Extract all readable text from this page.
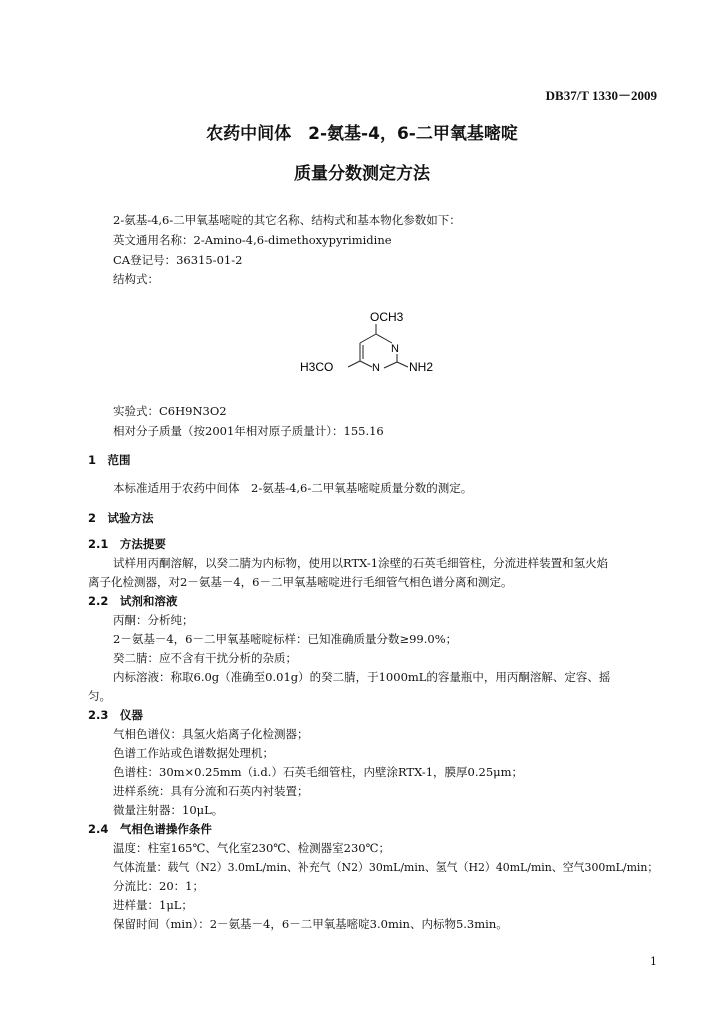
DB37/T 1330－2009
农药中间体　2-氨基-4，6-二甲氧基嘧啶
质量分数测定方法
2-氨基-4,6-二甲氧基嘧啶的其它名称、结构式和基本物化参数如下：
英文通用名称：2-Amino-4,6-dimethoxypyrimidine
CA登记号：36315-01-2
结构式：
OCH3
N
N
H3CO	NH2
实验式：C6H9N3O2
相对分子质量（按2001年相对原子质量计）：155.16
1　范围
本标准适用于农药中间体　2-氨基-4,6-二甲氧基嘧啶质量分数的测定。
2　试验方法
2.1　方法提要
试样用丙酮溶解，以癸二腈为内标物，使用以RTX-1涂壁的石英毛细管柱，分流进样装置和氢火焰
离子化检测器，对2－氨基－4，6－二甲氧基嘧啶进行毛细管气相色谱分离和测定。
2.2　试剂和溶液
丙酮：分析纯；
2－氨基－4，6－二甲氧基嘧啶标样：已知准确质量分数≥99.0%；
癸二腈：应不含有干扰分析的杂质；
内标溶液：称取6.0g（准确至0.01g）的癸二腈，于1000mL的容量瓶中，用丙酮溶解、定容、摇
匀。
2.3　仪器
气相色谱仪：具氢火焰离子化检测器；
色谱工作站或色谱数据处理机；
色谱柱：30m×0.25mm（i.d.）石英毛细管柱，内壁涂RTX-1，膜厚0.25μm；
进样系统：具有分流和石英内衬装置；
微量注射器：10μL。
2.4　气相色谱操作条件
温度：柱室165℃、气化室230℃、检测器室230℃；
气体流量：载气（N2）3.0mL/min、补充气（N2）30mL/min、氢气（H2）40mL/min、空气300mL/min；
分流比：20：1；
进样量：1μL；
保留时间（min）：2－氨基－4，6－二甲氧基嘧啶3.0min、内标物5.3min。
1
